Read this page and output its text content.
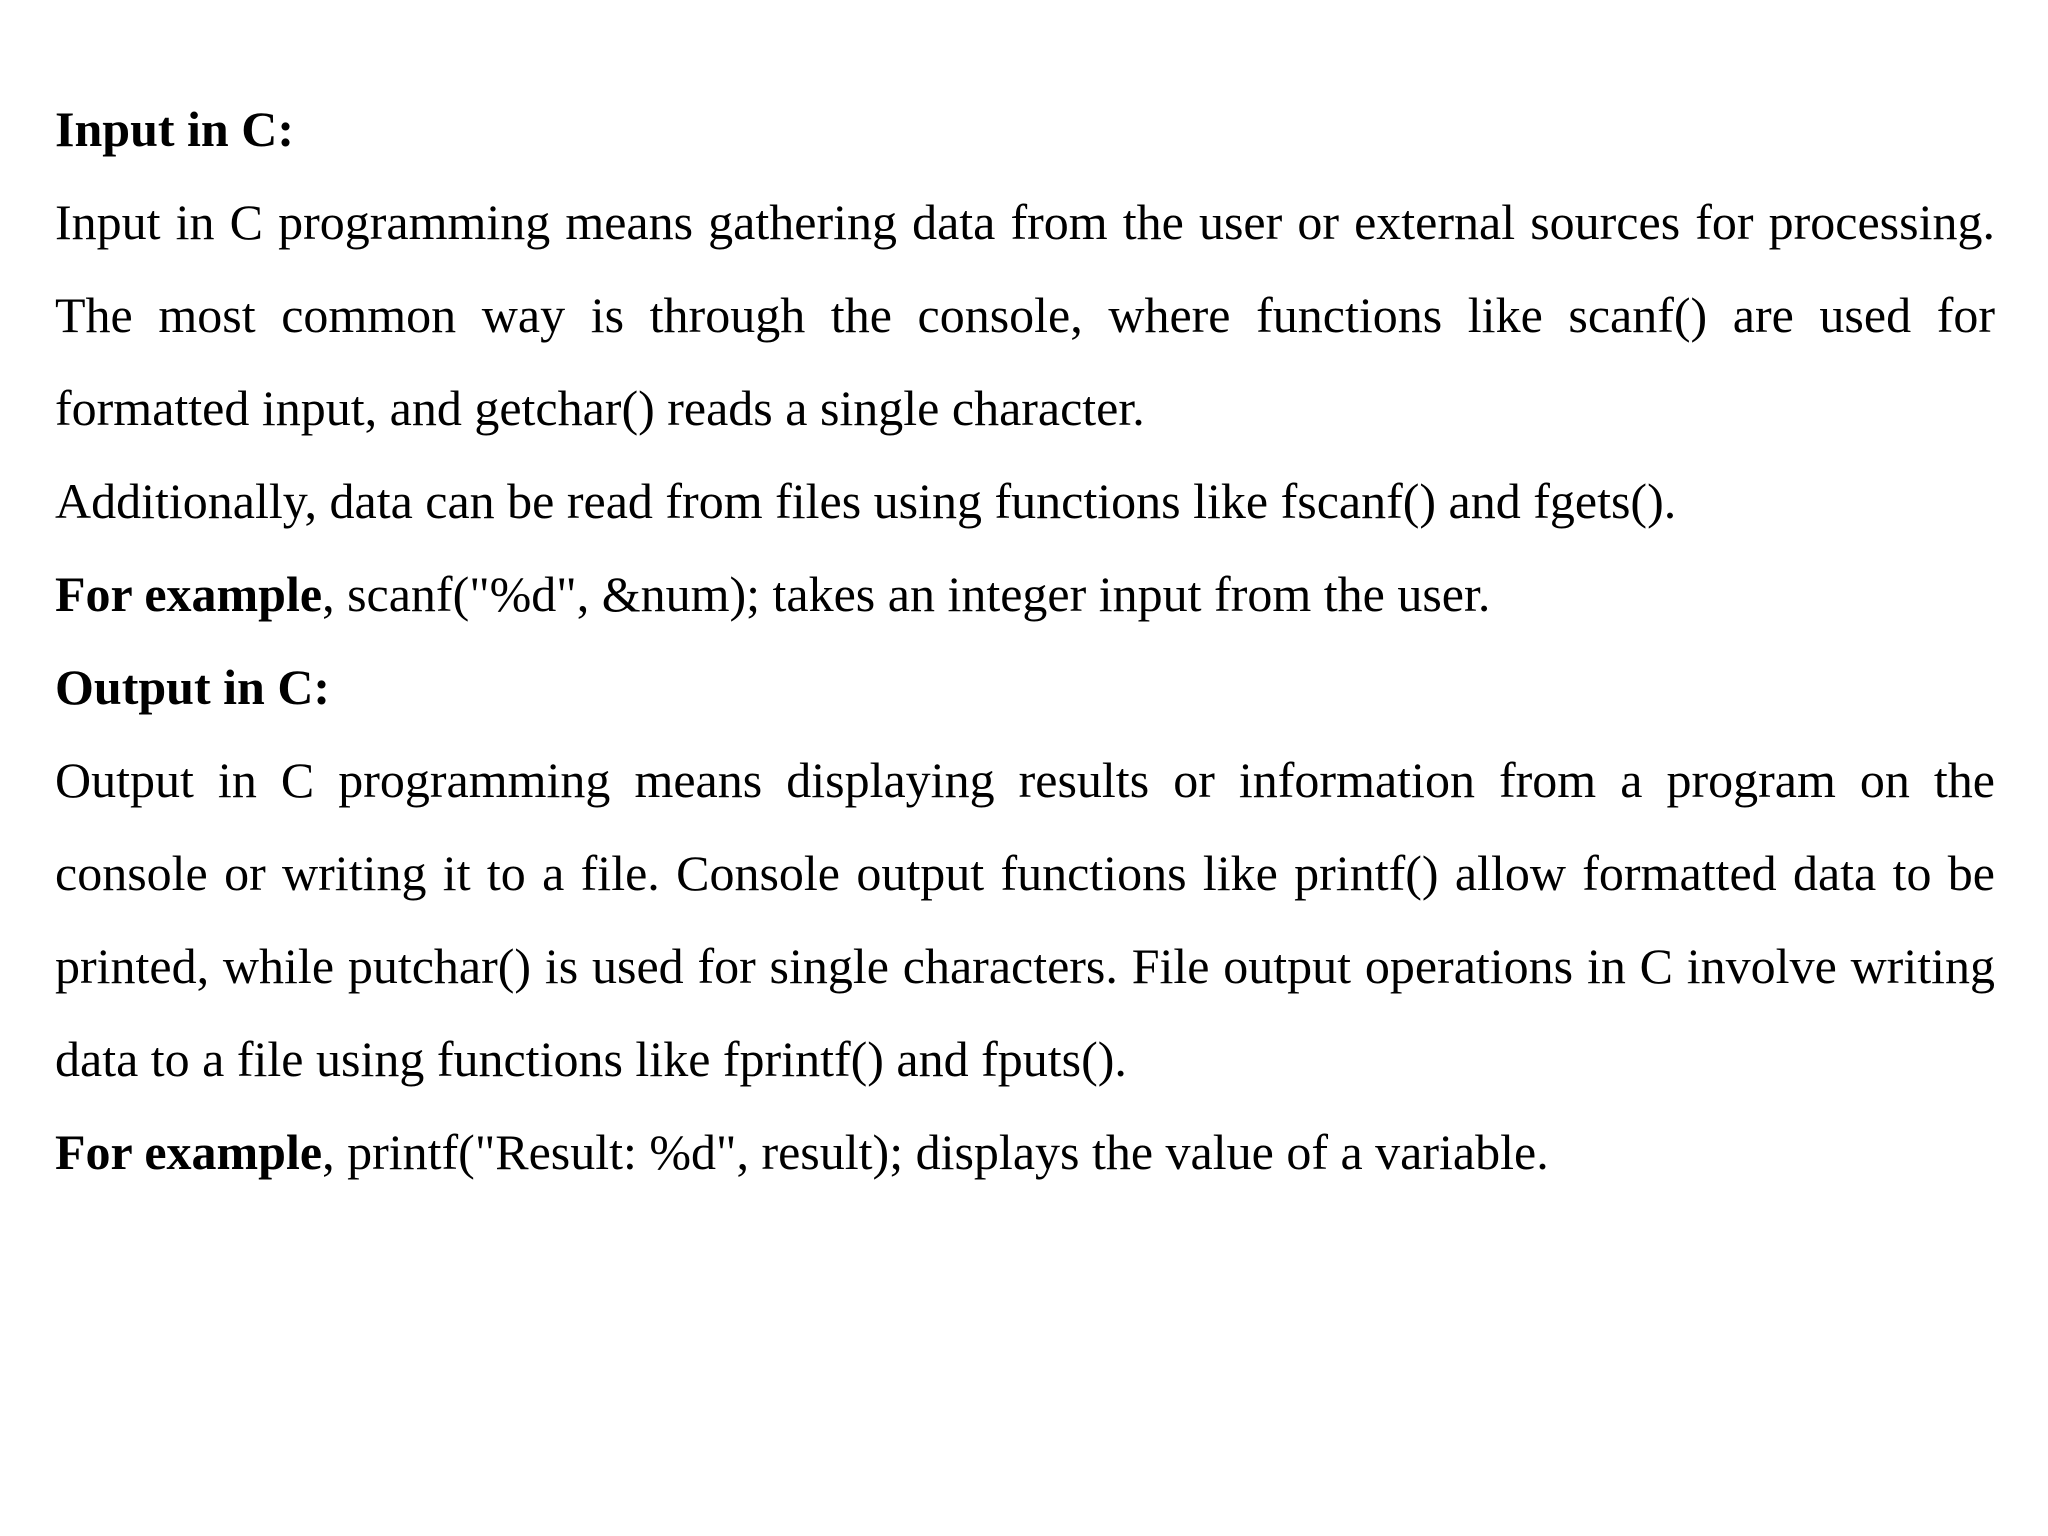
Input in C:

Input in C programming means gathering data from the user or external sources for processing. The most common way is through the console, where functions like scanf() are used for formatted input, and getchar() reads a single character.

Additionally, data can be read from files using functions like fscanf() and fgets().

For example, scanf("%d", &num); takes an integer input from the user.

Output in C:

Output in C programming means displaying results or information from a program on the console or writing it to a file. Console output functions like printf() allow formatted data to be printed, while putchar() is used for single characters. File output operations in C involve writing data to a file using functions like fprintf() and fputs().

For example, printf("Result: %d", result); displays the value of a variable.
